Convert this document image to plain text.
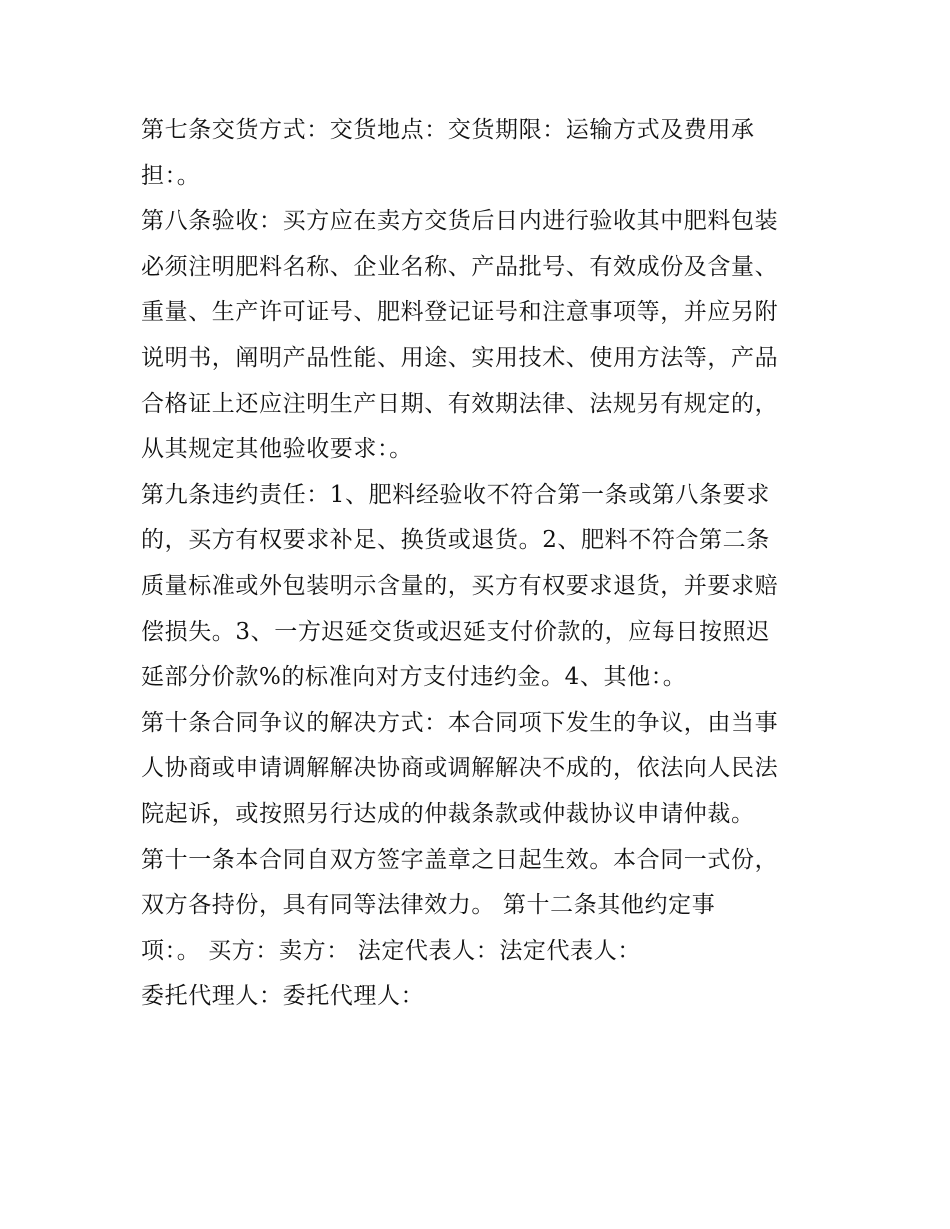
第七条交货方式：交货地点：交货期限：运输方式及费用承
担：。
第八条验收：买方应在卖方交货后日内进行验收其中肥料包装
必须注明肥料名称、企业名称、产品批号、有效成份及含量、
重量、生产许可证号、肥料登记证号和注意事项等，并应另附
说明书，阐明产品性能、用途、实用技术、使用方法等，产品
合格证上还应注明生产日期、有效期法律、法规另有规定的，
从其规定其他验收要求：。
第九条违约责任：1、肥料经验收不符合第一条或第八条要求
的，买方有权要求补足、换货或退货。2、肥料不符合第二条
质量标准或外包装明示含量的，买方有权要求退货，并要求赔
偿损失。3、一方迟延交货或迟延支付价款的，应每日按照迟
延部分价款%的标准向对方支付违约金。4、其他：。
第十条合同争议的解决方式：本合同项下发生的争议，由当事
人协商或申请调解解决协商或调解解决不成的，依法向人民法
院起诉，或按照另行达成的仲裁条款或仲裁协议申请仲裁。
第十一条本合同自双方签字盖章之日起生效。本合同一式份，
双方各持份，具有同等法律效力。 第十二条其他约定事
项：。 买方：卖方： 法定代表人：法定代表人：
委托代理人：委托代理人：
